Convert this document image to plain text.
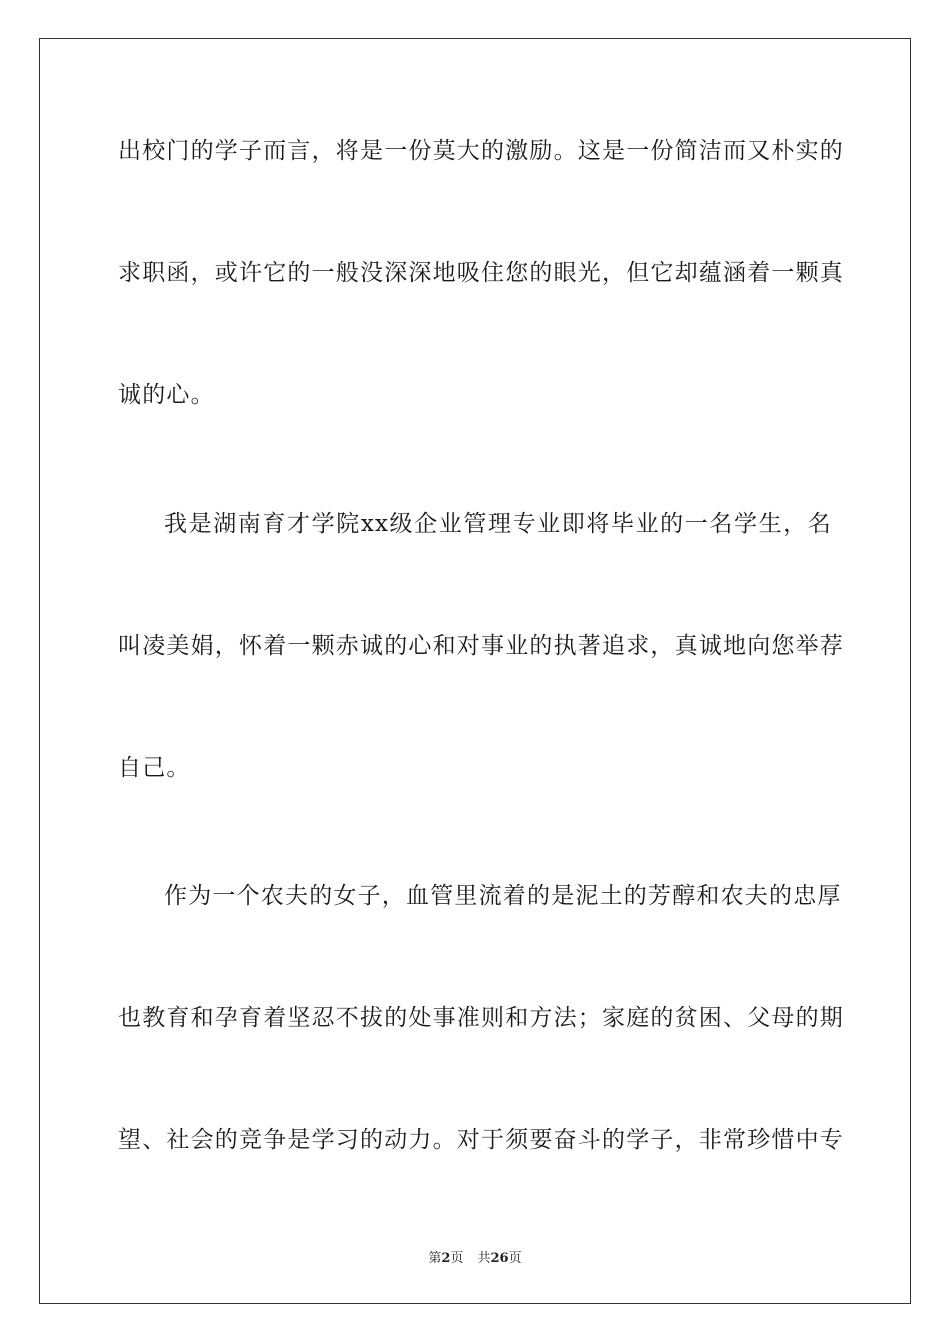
出校门的学子而言，将是一份莫大的激励。这是一份简洁而又朴实的

求职函，或许它的一般没深深地吸住您的眼光，但它却蕴涵着一颗真

诚的心。

我是湖南育才学院xx级企业管理专业即将毕业的一名学生，名

叫凌美娟，怀着一颗赤诚的心和对事业的执著追求，真诚地向您举荐

自己。

作为一个农夫的女子，血管里流着的是泥土的芳醇和农夫的忠厚

也教育和孕育着坚忍不拔的处事准则和方法；家庭的贫困、父母的期

望、社会的竞争是学习的动力。对于须要奋斗的学子，非常珍惜中专

第2页 共26页
